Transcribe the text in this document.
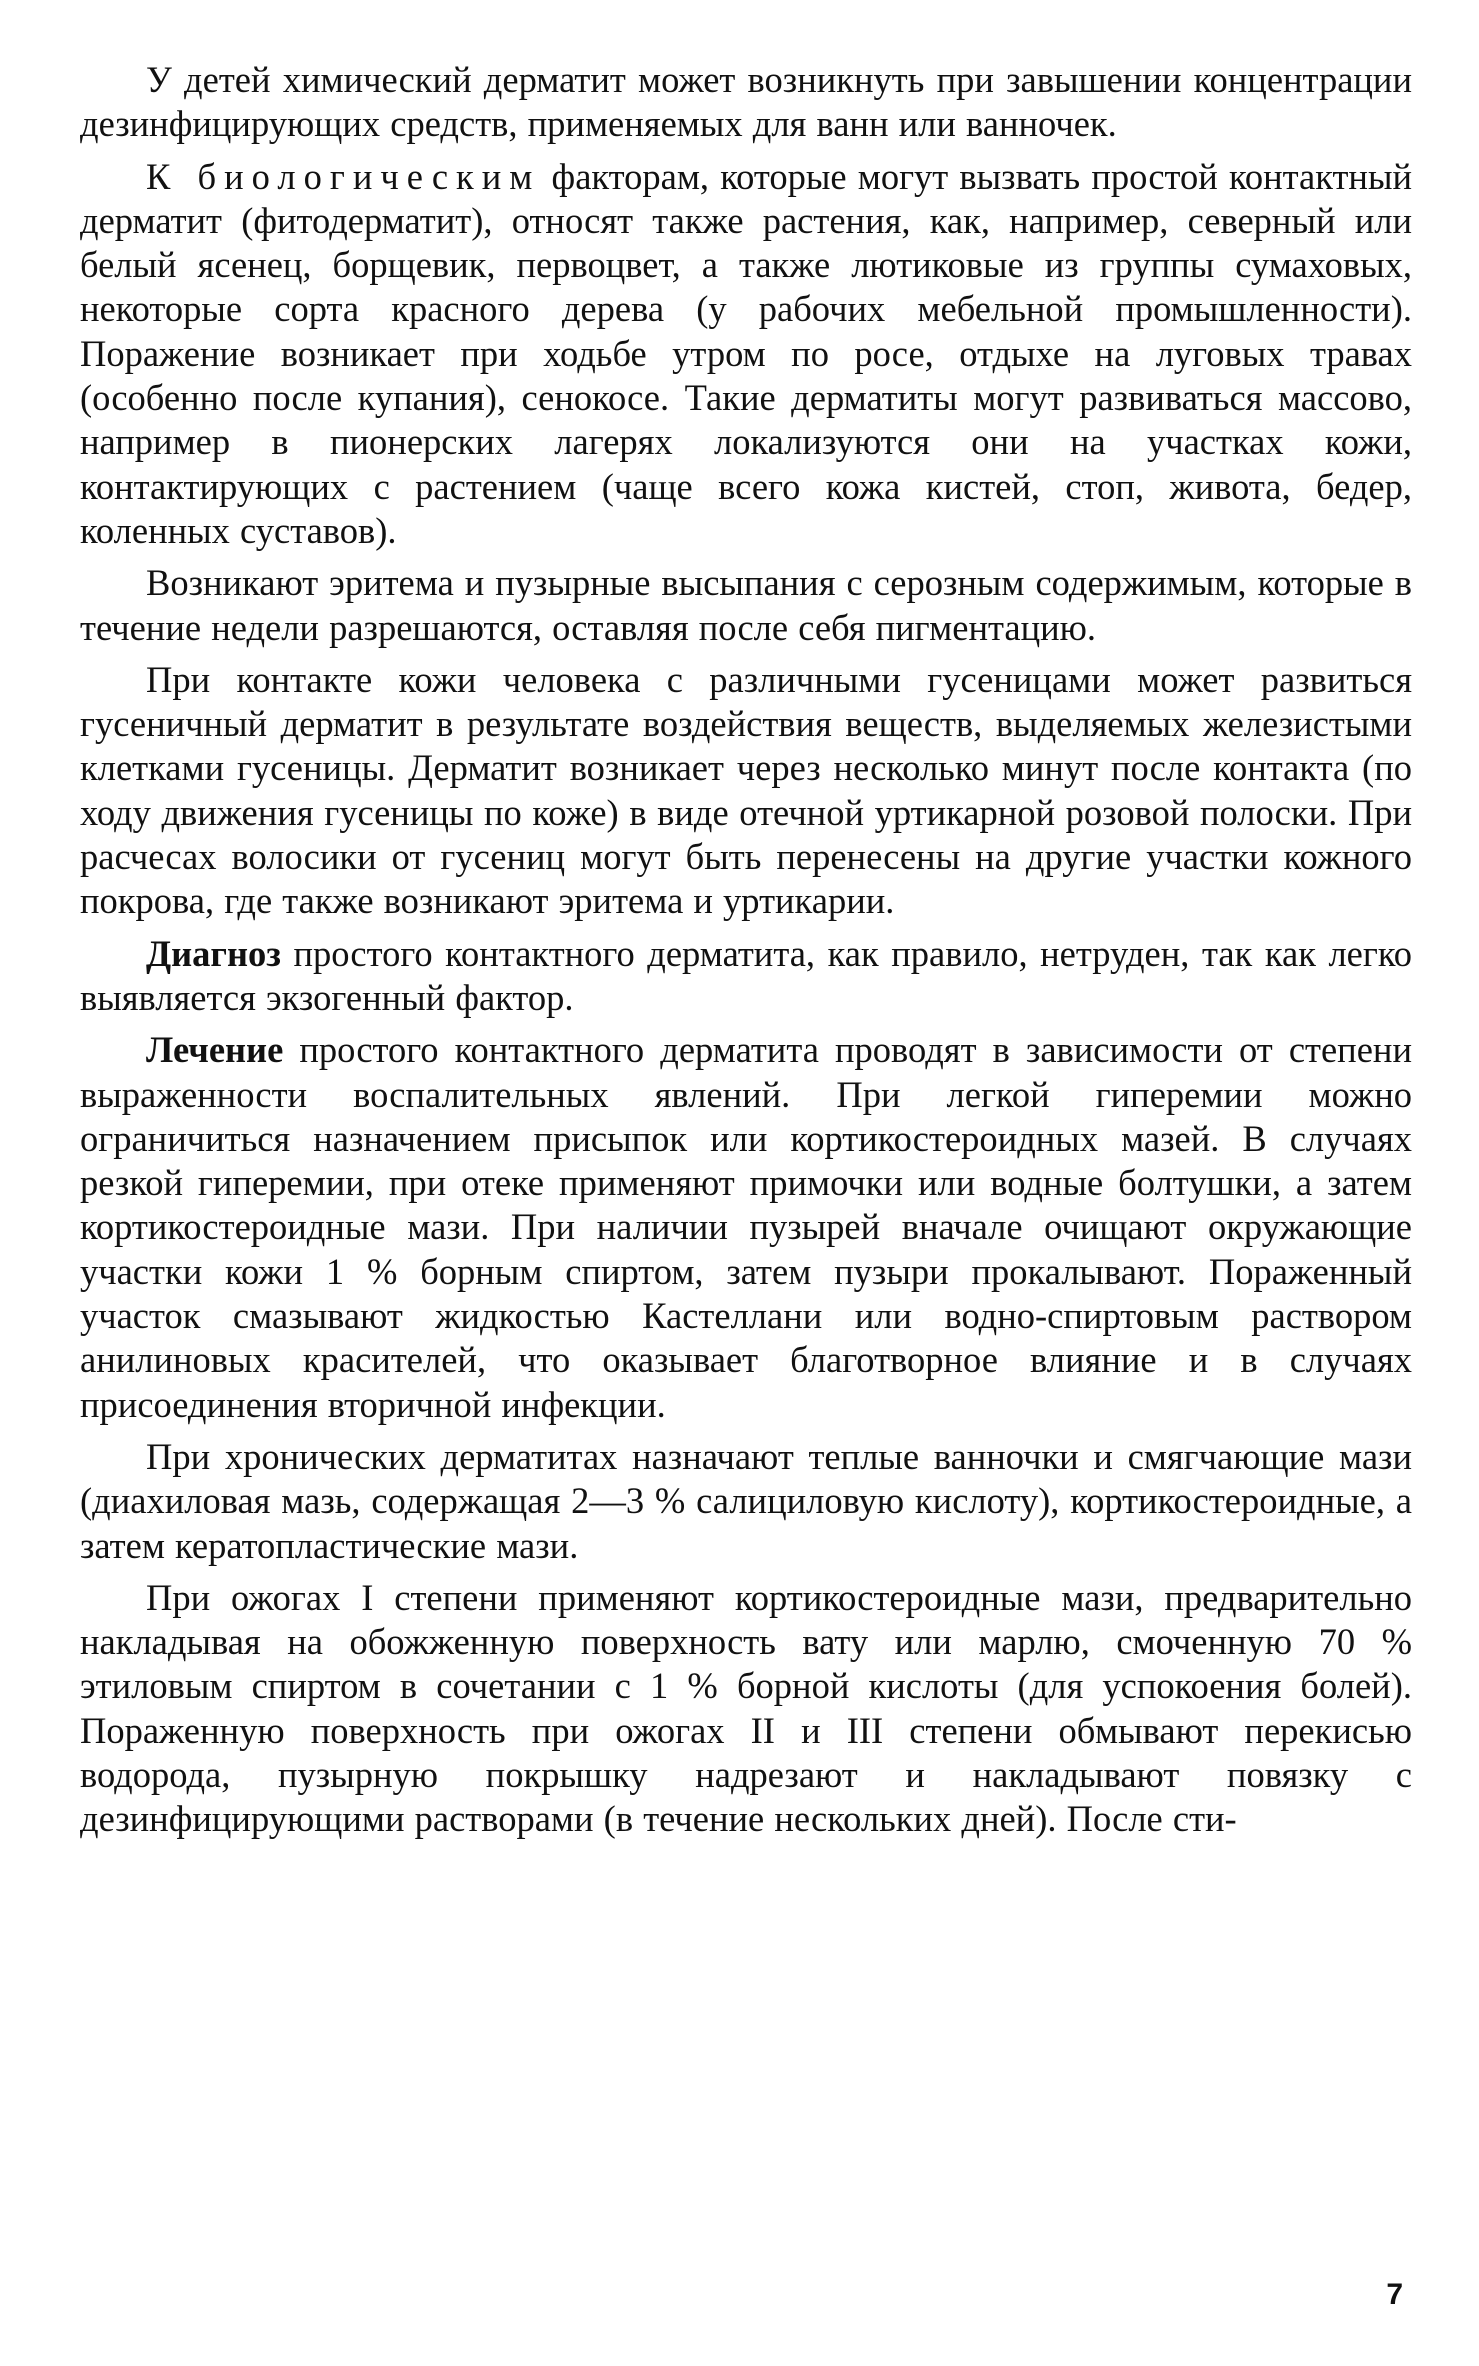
У детей химический дерматит может возникнуть при завышении концентрации дезинфицирующих средств, применяемых для ванн или ванночек.

К биологическим факторам, которые могут вызвать простой контактный дерматит (фитодерматит), относят также растения, как, например, северный или белый ясенец, борщевик, первоцвет, а также лютиковые из группы сумаховых, некоторые сорта красного дерева (у рабочих мебельной промышленности). Поражение возникает при ходьбе утром по росе, отдыхе на луговых травах (особенно после купания), сенокосе. Такие дерматиты могут развиваться массово, например в пионерских лагерях локализуются они на участках кожи, контактирующих с растением (чаще всего кожа кистей, стоп, живота, бедер, коленных суставов).

Возникают эритема и пузырные высыпания с серозным содержимым, которые в течение недели разрешаются, оставляя после себя пигментацию.

При контакте кожи человека с различными гусеницами может развиться гусеничный дерматит в результате воздействия веществ, выделяемых железистыми клетками гусеницы. Дерматит возникает через несколько минут после контакта (по ходу движения гусеницы по коже) в виде отечной уртикарной розовой полоски. При расчесах волосики от гусениц могут быть перенесены на другие участки кожного покрова, где также возникают эритема и уртикарии.

Диагноз простого контактного дерматита, как правило, нетруден, так как легко выявляется экзогенный фактор.

Лечение простого контактного дерматита проводят в зависимости от степени выраженности воспалительных явлений. При легкой гиперемии можно ограничиться назначением присыпок или кортикостероидных мазей. В случаях резкой гиперемии, при отеке применяют примочки или водные болтушки, а затем кортикостероидные мази. При наличии пузырей вначале очищают окружающие участки кожи 1 % борным спиртом, затем пузыри прокалывают. Пораженный участок смазывают жидкостью Кастеллани или водно-спиртовым раствором анилиновых красителей, что оказывает благотворное влияние и в случаях присоединения вторичной инфекции.

При хронических дерматитах назначают теплые ванночки и смягчающие мази (диахиловая мазь, содержащая 2—3 % салициловую кислоту), кортикостероидные, а затем кератопластические мази.

При ожогах I степени применяют кортикостероидные мази, предварительно накладывая на обожженную поверхность вату или марлю, смоченную 70 % этиловым спиртом в сочетании с 1 % борной кислоты (для успокоения болей). Пораженную поверхность при ожогах II и III степени обмывают перекисью водорода, пузырную покрышку надрезают и накладывают повязку с дезинфицирующими растворами (в течение нескольких дней). После сти-

7
